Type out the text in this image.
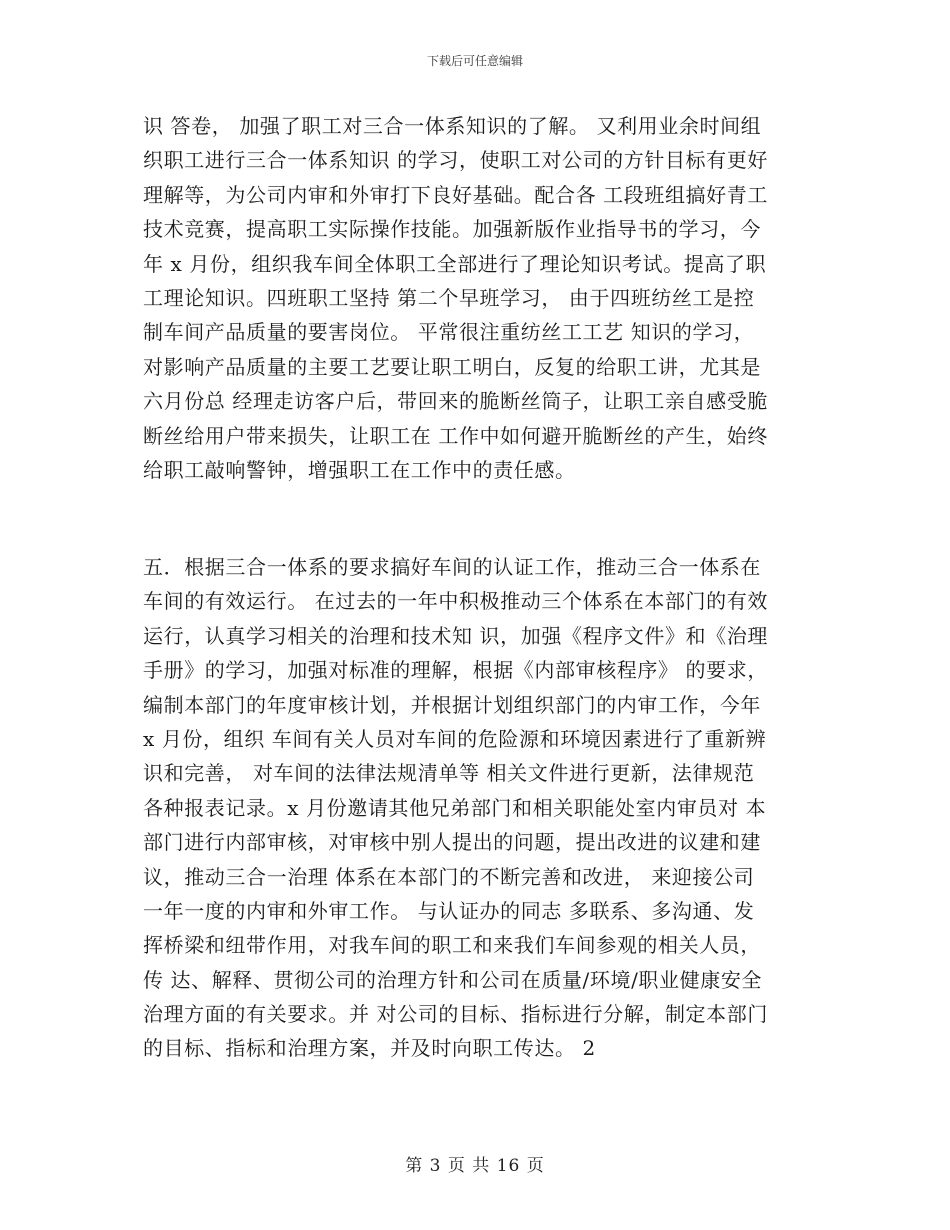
下载后可任意编辑
识 答卷， 加强了职工对三合一体系知识的了解。 又利用业余时间组
织职工进行三合一体系知识 的学习，使职工对公司的方针目标有更好
理解等，为公司内审和外审打下良好基础。配合各 工段班组搞好青工
技术竞赛，提高职工实际操作技能。加强新版作业指导书的学习，今
年 x 月份，组织我车间全体职工全部进行了理论知识考试。提高了职
工理论知识。四班职工坚持 第二个早班学习， 由于四班纺丝工是控
制车间产品质量的要害岗位。 平常很注重纺丝工工艺 知识的学习，
对影响产品质量的主要工艺要让职工明白，反复的给职工讲，尤其是
六月份总 经理走访客户后，带回来的脆断丝筒子，让职工亲自感受脆
断丝给用户带来损失，让职工在 工作中如何避开脆断丝的产生，始终
给职工敲响警钟，增强职工在工作中的责任感。
五．根据三合一体系的要求搞好车间的认证工作，推动三合一体系在
车间的有效运行。 在过去的一年中积极推动三个体系在本部门的有效
运行，认真学习相关的治理和技术知 识，加强《程序文件》和《治理
手册》的学习，加强对标准的理解，根据《内部审核程序》 的要求，
编制本部门的年度审核计划，并根据计划组织部门的内审工作，今年
x 月份，组织 车间有关人员对车间的危险源和环境因素进行了重新辨
识和完善， 对车间的法律法规清单等 相关文件进行更新，法律规范
各种报表记录。x 月份邀请其他兄弟部门和相关职能处室内审员对 本
部门进行内部审核，对审核中别人提出的问题，提出改进的议建和建
议，推动三合一治理 体系在本部门的不断完善和改进， 来迎接公司
一年一度的内审和外审工作。 与认证办的同志 多联系、多沟通、发
挥桥梁和纽带作用，对我车间的职工和来我们车间参观的相关人员，
传 达、解释、贯彻公司的治理方针和公司在质量/环境/职业健康安全
治理方面的有关要求。并 对公司的目标、指标进行分解，制定本部门
的目标、指标和治理方案，并及时向职工传达。 2
第 3 页 共 16 页
